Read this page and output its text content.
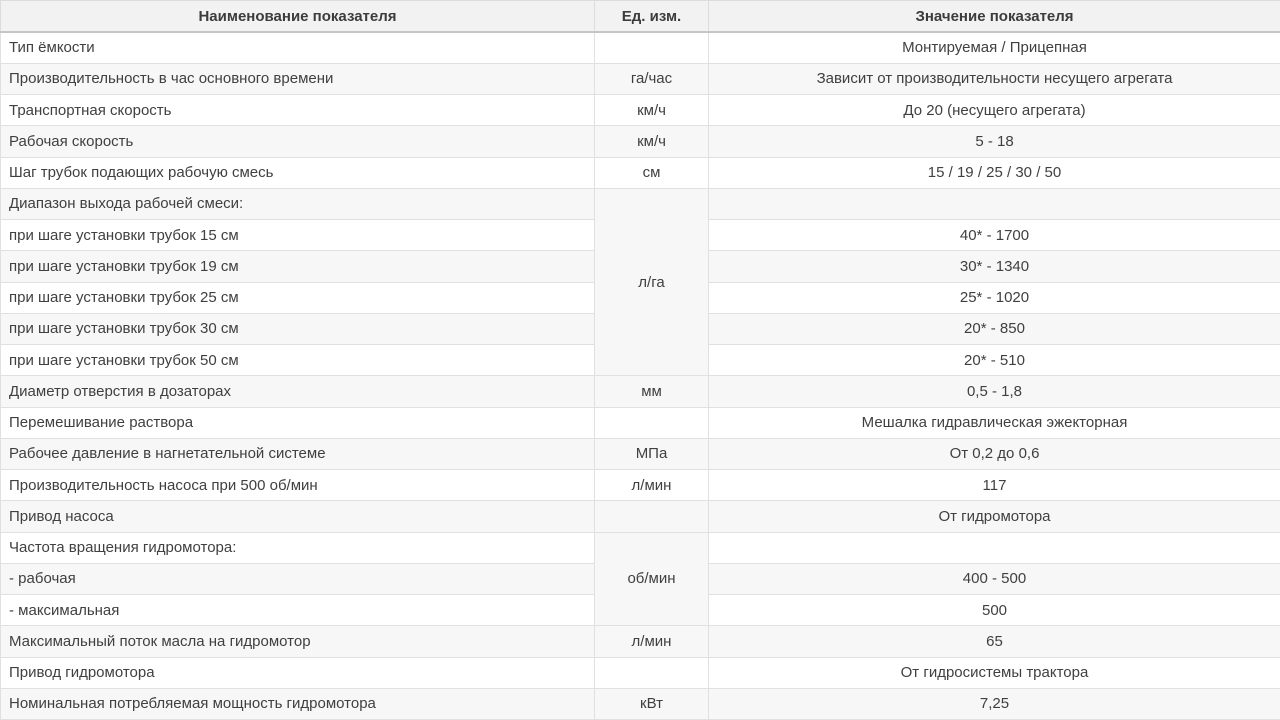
Наименование показателя	Ед. изм.	Значение показателя
Тип ёмкости		Монтируемая / Прицепная
Производительность в час основного времени	га/час	Зависит от производительности несущего агрегата
Транспортная скорость	км/ч	До 20 (несущего агрегата)
Рабочая скорость	км/ч	5 - 18
Шаг трубок подающих рабочую смесь	см	15 / 19 / 25 / 30 / 50
Диапазон выхода рабочей смеси:	л/га	
при шаге установки трубок 15 см		40* - 1700
при шаге установки трубок 19 см		30* - 1340
при шаге установки трубок 25 см		25* - 1020
при шаге установки трубок 30 см		20* - 850
при шаге установки трубок 50 см		20* - 510
Диаметр отверстия в дозаторах	мм	0,5 - 1,8
Перемешивание раствора		Мешалка гидравлическая эжекторная
Рабочее давление в нагнетательной системе	МПа	От 0,2 до 0,6
Производительность насоса при 500 об/мин	л/мин	117
Привод насоса		От гидромотора
Частота вращения гидромотора:	об/мин	
- рабочая		400 - 500
- максимальная		500
Максимальный поток масла на гидромотор	л/мин	65
Привод гидромотора		От гидросистемы трактора
Номинальная потребляемая мощность гидромотора	кВт	7,25
